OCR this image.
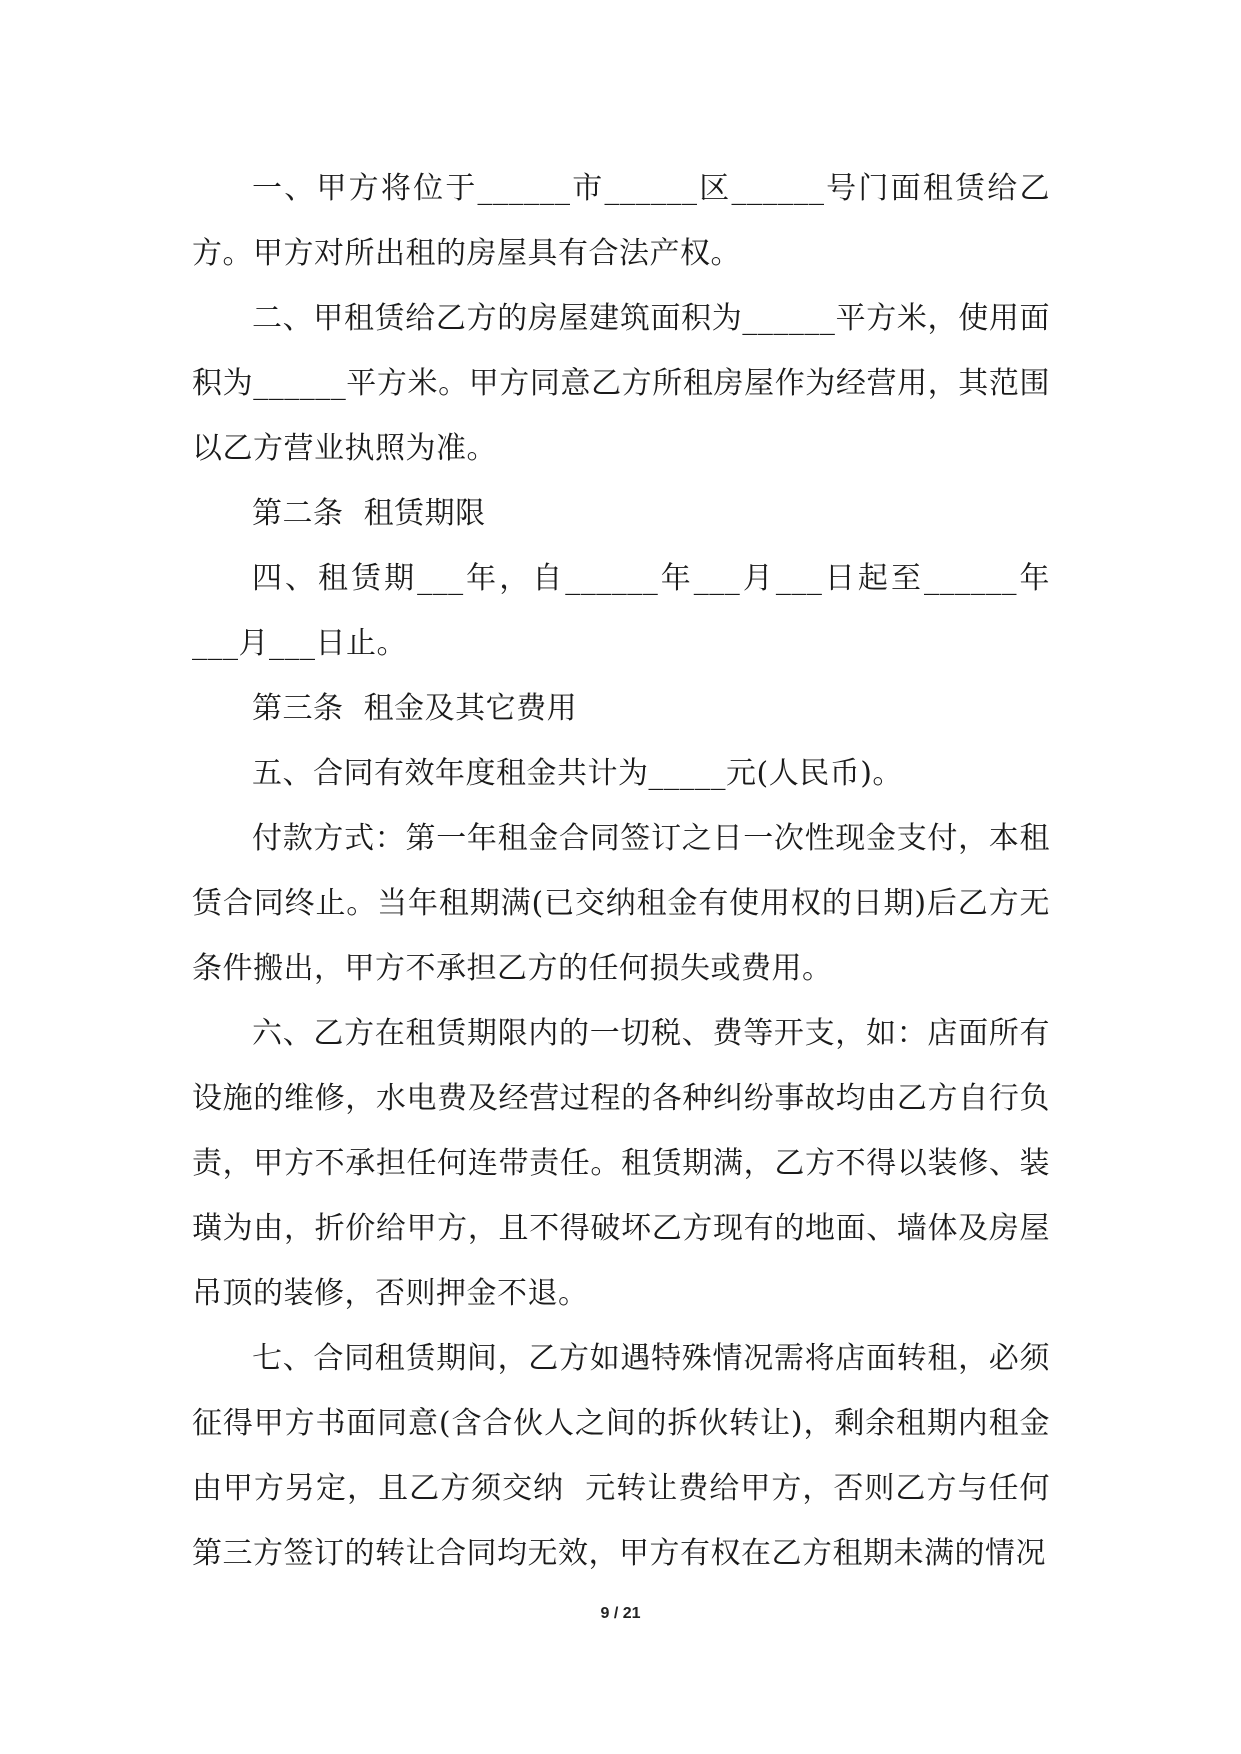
一、甲方将位于______市______区______号门面租赁给乙方。甲方对所出租的房屋具有合法产权。

二、甲租赁给乙方的房屋建筑面积为______平方米，使用面积为______平方米。甲方同意乙方所租房屋作为经营用，其范围以乙方营业执照为准。

第二条  租赁期限

四、租赁期___年，自______年___月___日起至______年___月___日止。

第三条  租金及其它费用

五、合同有效年度租金共计为_____元(人民币)。

付款方式：第一年租金合同签订之日一次性现金支付，本租赁合同终止。当年租期满(已交纳租金有使用权的日期)后乙方无条件搬出，甲方不承担乙方的任何损失或费用。

六、乙方在租赁期限内的一切税、费等开支，如：店面所有设施的维修，水电费及经营过程的各种纠纷事故均由乙方自行负责，甲方不承担任何连带责任。租赁期满，乙方不得以装修、装璜为由，折价给甲方，且不得破坏乙方现有的地面、墙体及房屋吊顶的装修，否则押金不退。

七、合同租赁期间，乙方如遇特殊情况需将店面转租，必须征得甲方书面同意(含合伙人之间的拆伙转让)，剩余租期内租金由甲方另定，且乙方须交纳  元转让费给甲方，否则乙方与任何第三方签订的转让合同均无效，甲方有权在乙方租期未满的情况

9 / 21
